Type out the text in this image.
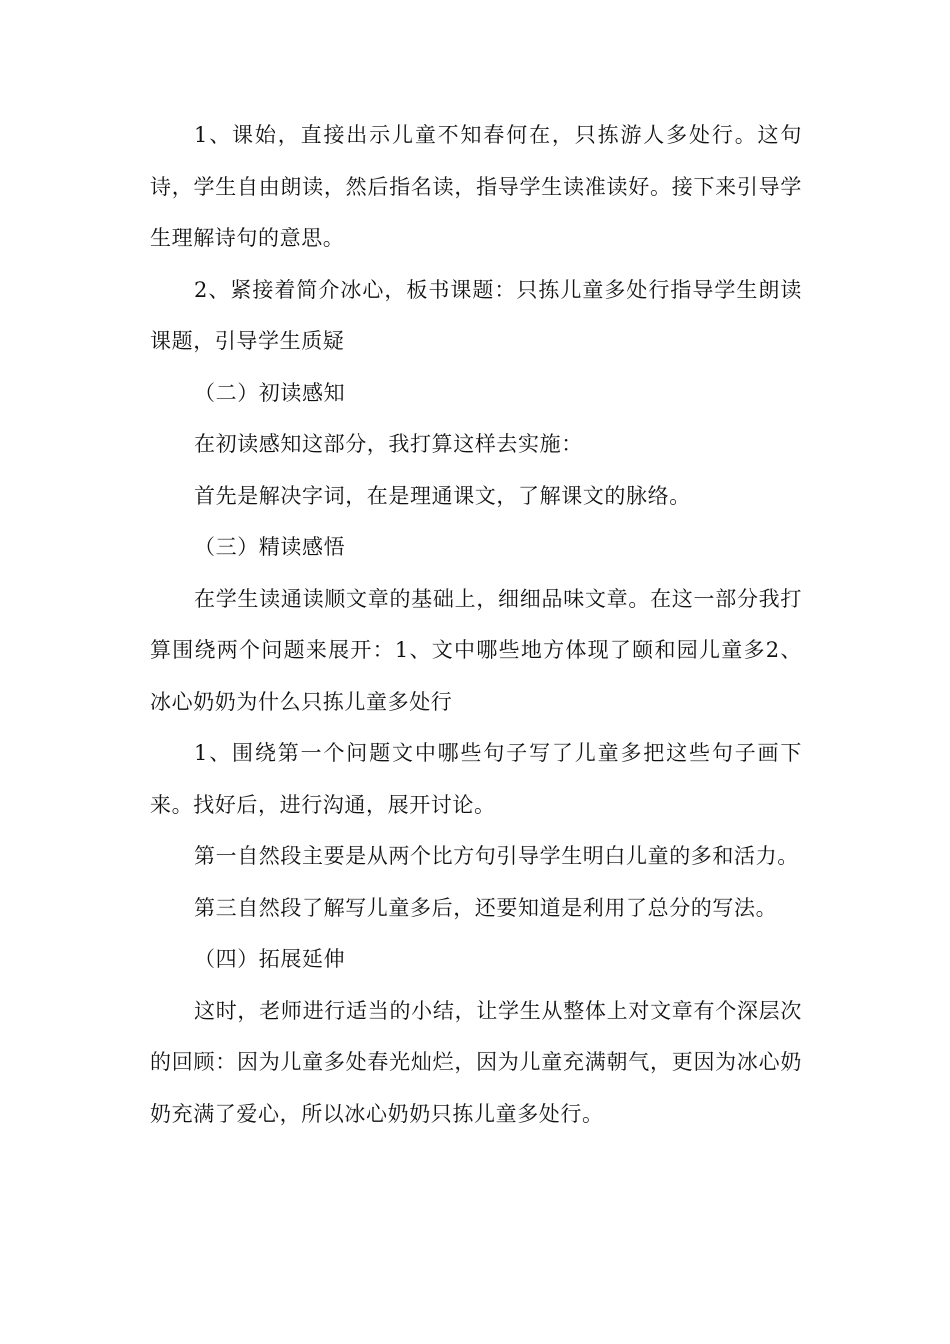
1、课始，直接出示儿童不知春何在，只拣游人多处行。这句诗，学生自由朗读，然后指名读，指导学生读准读好。接下来引导学生理解诗句的意思。

2、紧接着简介冰心，板书课题：只拣儿童多处行指导学生朗读课题，引导学生质疑

（二）初读感知

在初读感知这部分，我打算这样去实施：

首先是解决字词，在是理通课文，了解课文的脉络。

（三）精读感悟

在学生读通读顺文章的基础上，细细品味文章。在这一部分我打算围绕两个问题来展开：1、文中哪些地方体现了颐和园儿童多2、冰心奶奶为什么只拣儿童多处行

1、围绕第一个问题文中哪些句子写了儿童多把这些句子画下来。找好后，进行沟通，展开讨论。

第一自然段主要是从两个比方句引导学生明白儿童的多和活力。

第三自然段了解写儿童多后，还要知道是利用了总分的写法。

（四）拓展延伸

这时，老师进行适当的小结，让学生从整体上对文章有个深层次的回顾：因为儿童多处春光灿烂，因为儿童充满朝气，更因为冰心奶奶充满了爱心，所以冰心奶奶只拣儿童多处行。
